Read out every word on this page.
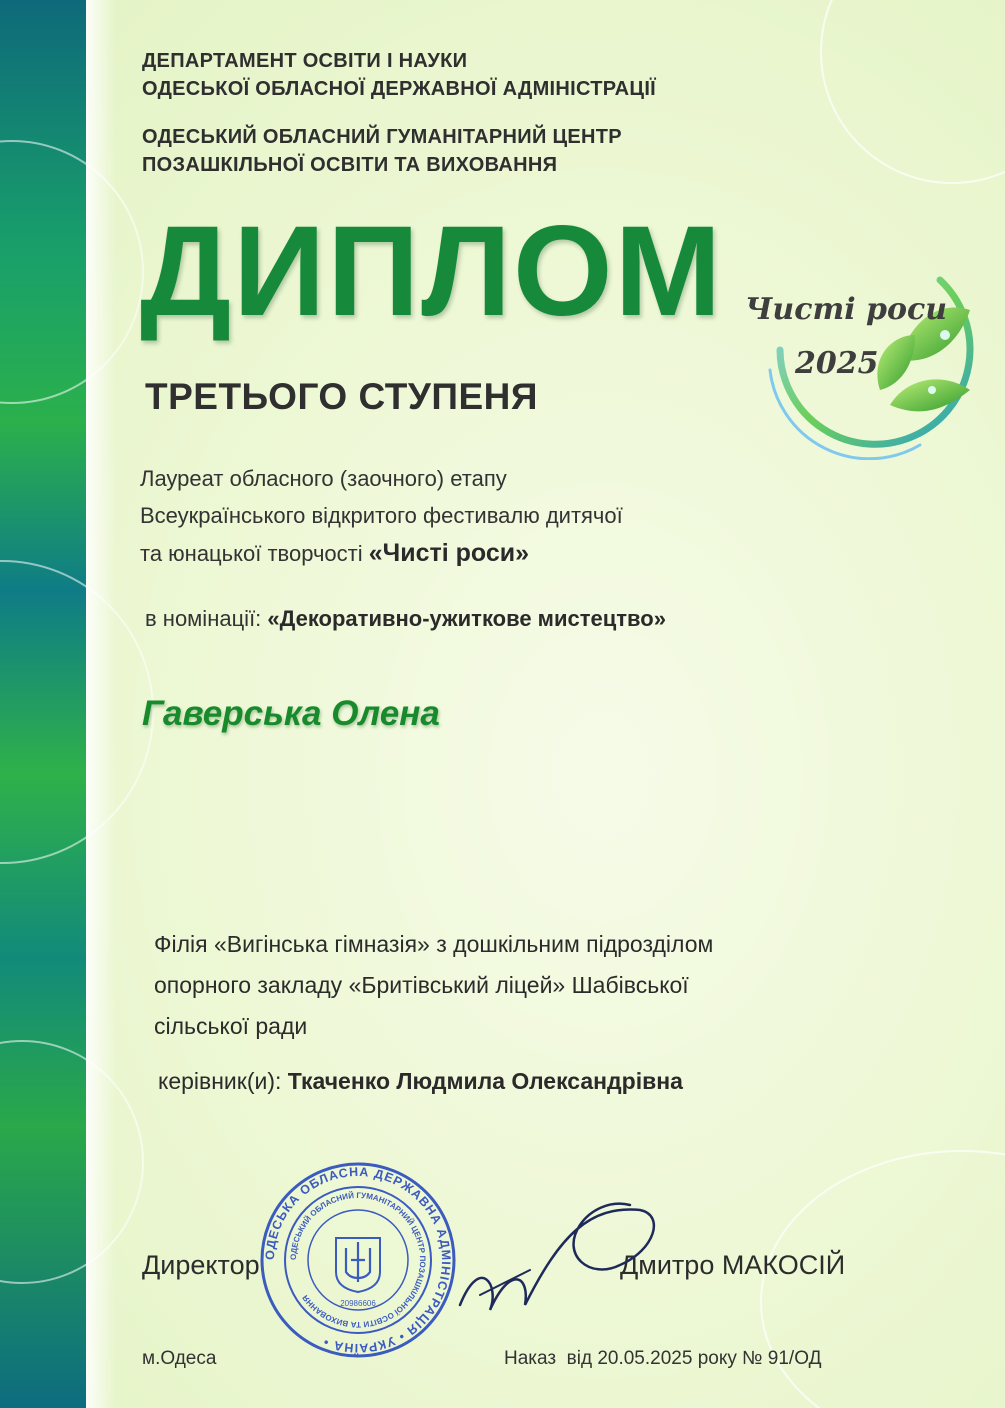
ДЕПАРТАМЕНТ ОСВІТИ І НАУКИ
ОДЕСЬКОЇ ОБЛАСНОЇ ДЕРЖАВНОЇ АДМІНІСТРАЦІЇ
ОДЕСЬКИЙ ОБЛАСНИЙ ГУМАНІТАРНИЙ ЦЕНТР
ПОЗАШКІЛЬНОЇ ОСВІТИ ТА ВИХОВАННЯ
ДИПЛОМ Чисті роси
2025
ТРЕТЬОГО СТУПЕНЯ
Лауреат обласного (заочного) етапу
Всеукраїнського відкритого фестивалю дитячої
та юнацької творчості «Чисті роси»
в номінації: «Декоративно-ужиткове мистецтво»
Гаверська Олена
Філія «Вигінська гімназія» з дошкільним підрозділом
опорного закладу «Бритівський ліцей» Шабівської
сільської ради
керівник(и): Ткаченко Людмила Олександрівна
Директор	Дмитро МАКОСІЙ
ОДЕСЬКА ОБЛАСНА ДЕРЖАВНА АДМІНІСТРАЦІЯ • УКРАЇНА •
ОДЕСЬКИЙ ОБЛАСНИЙ ГУМАНІТАРНИЙ ЦЕНТР ПОЗАШКІЛЬНОЇ ОСВІТИ ТА ВИХОВАННЯ
20986606
м.Одеса	Наказ  від 20.05.2025 року № 91/ОД
